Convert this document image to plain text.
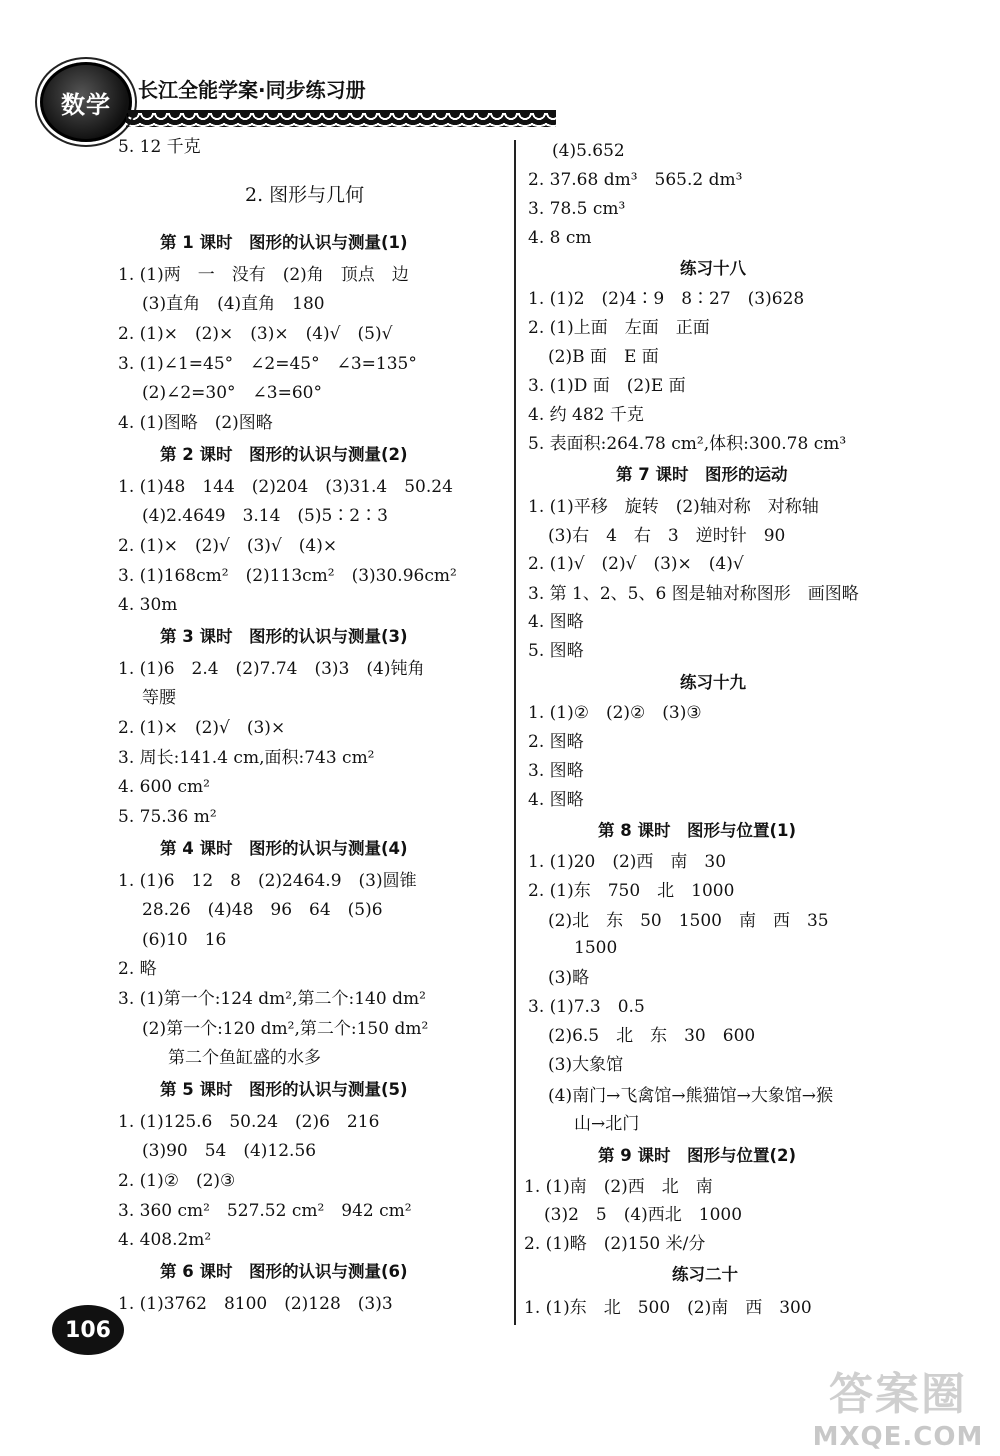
数学
长江全能学案·同步练习册
5. 12 千克
2. 图形与几何
第 1 课时　图形的认识与测量(1)
1. (1)两　一　没有　(2)角　顶点　边
(3)直角　(4)直角　180
2. (1)×　(2)×　(3)×　(4)√　(5)√
3. (1)∠1=45°　∠2=45°　∠3=135°
(2)∠2=30°　∠3=60°
4. (1)图略　(2)图略
第 2 课时　图形的认识与测量(2)
1. (1)48　144　(2)204　(3)31.4　50.24
(4)2.4649　3.14　(5)5∶2∶3
2. (1)×　(2)√　(3)√　(4)×
3. (1)168cm²　(2)113cm²　(3)30.96cm²
4. 30m
第 3 课时　图形的认识与测量(3)
1. (1)6　2.4　(2)7.74　(3)3　(4)钝角
等腰
2. (1)×　(2)√　(3)×
3. 周长:141.4 cm,面积:743 cm²
4. 600 cm²
5. 75.36 m²
第 4 课时　图形的认识与测量(4)
1. (1)6　12　8　(2)2464.9　(3)圆锥
28.26　(4)48　96　64　(5)6
(6)10　16
2. 略
3. (1)第一个:124 dm²,第二个:140 dm²
(2)第一个:120 dm²,第二个:150 dm²
第二个鱼缸盛的水多
第 5 课时　图形的认识与测量(5)
1. (1)125.6　50.24　(2)6　216
(3)90　54　(4)12.56
2. (1)②　(2)③
3. 360 cm²　527.52 cm²　942 cm²
4. 408.2m²
第 6 课时　图形的认识与测量(6)
1. (1)3762　8100　(2)128　(3)3
(4)5.652
2. 37.68 dm³　565.2 dm³
3. 78.5 cm³
4. 8 cm
练习十八
1. (1)2　(2)4∶9　8∶27　(3)628
2. (1)上面　左面　正面
(2)B 面　E 面
3. (1)D 面　(2)E 面
4. 约 482 千克
5. 表面积:264.78 cm²,体积:300.78 cm³
第 7 课时　图形的运动
1. (1)平移　旋转　(2)轴对称　对称轴
(3)右　4　右　3　逆时针　90
2. (1)√　(2)√　(3)×　(4)√
3. 第 1、2、5、6 图是轴对称图形　画图略
4. 图略
5. 图略
练习十九
1. (1)②　(2)②　(3)③
2. 图略
3. 图略
4. 图略
第 8 课时　图形与位置(1)
1. (1)20　(2)西　南　30
2. (1)东　750　北　1000
(2)北　东　50　1500　南　西　35
1500
(3)略
3. (1)7.3　0.5
(2)6.5　北　东　30　600
(3)大象馆
(4)南门→飞禽馆→熊猫馆→大象馆→猴
山→北门
第 9 课时　图形与位置(2)
1. (1)南　(2)西　北　南
(3)2　5　(4)西北　1000
2. (1)略　(2)150 米/分
练习二十
1. (1)东　北　500　(2)南　西　300
106
答案圈
MXQE.COM
